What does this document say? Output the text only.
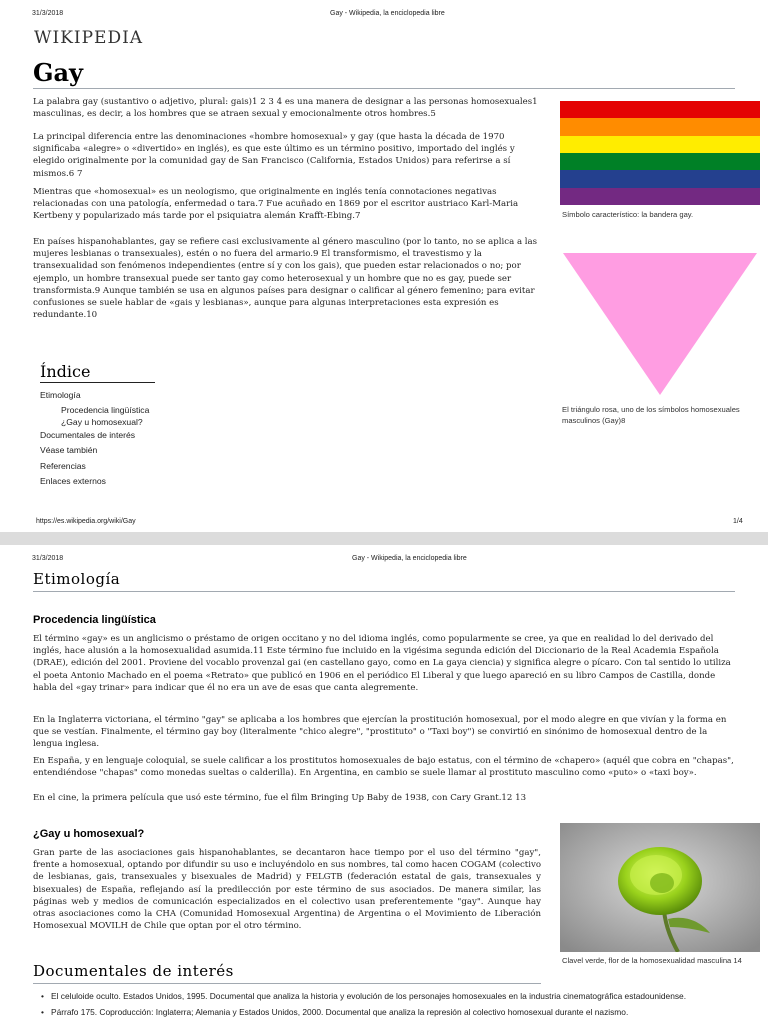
31/3/2018	Gay - Wikipedia, la enciclopedia libre
WIKIPEDIA
Gay

La palabra gay (sustantivo o adjetivo, plural: gais)1 2 3 4 es una manera de designar a las personas homosexuales1 masculinas, es decir, a los hombres que se atraen sexual y emocionalmente otros hombres.5

La principal diferencia entre las denominaciones «hombre homosexual» y gay (que hasta la década de 1970 significaba «alegre» o «divertido» en inglés), es que este último es un término positivo, importado del inglés y elegido originalmente por la comunidad gay de San Francisco (California, Estados Unidos) para referirse a sí mismos.6 7

Mientras que «homosexual» es un neologismo, que originalmente en inglés tenía connotaciones negativas relacionadas con una patología, enfermedad o tara.7 Fue acuñado en 1869 por el escritor austriaco Karl-Maria Kertbeny y popularizado más tarde por el psiquiatra alemán Krafft-Ebing.7

En países hispanohablantes, gay se refiere casi exclusivamente al género masculino (por lo tanto, no se aplica a las mujeres lesbianas o transexuales), estén o no fuera del armario.9 El transformismo, el travestismo y la transexualidad son fenómenos independientes (entre sí y con los gais), que pueden estar relacionados o no; por ejemplo, un hombre transexual puede ser tanto gay como heterosexual y un hombre que no es gay, puede ser transformista.9 Aunque también se usa en algunos países para designar o calificar al género femenino; para evitar confusiones se suele hablar de «gais y lesbianas», aunque para algunas interpretaciones esta expresión es redundante.10

Símbolo característico: la bandera gay.

El triángulo rosa, uno de los símbolos homosexuales masculinos (Gay)8

Índice
Etimología
Procedencia lingüística
¿Gay u homosexual?
Documentales de interés
Véase también
Referencias
Enlaces externos
https://es.wikipedia.org/wiki/Gay	1/4
31/3/2018	Gay - Wikipedia, la enciclopedia libre
Etimología
Procedencia lingüística

El término «gay» es un anglicismo o préstamo de origen occitano y no del idioma inglés, como popularmente se cree, ya que en realidad lo del derivado del inglés, hace alusión a la homosexualidad asumida.11 Este término fue incluido en la vigésima segunda edición del Diccionario de la Real Academia Española (DRAE), edición del 2001. Proviene del vocablo provenzal gai (en castellano gayo, como en La gaya ciencia) y significa alegre o pícaro. Con tal sentido lo utiliza el poeta Antonio Machado en el poema «Retrato» que publicó en 1906 en el periódico El Liberal y que luego apareció en su libro Campos de Castilla, donde habla del «gay trinar» para indicar que él no era un ave de esas que canta alegremente.

En la Inglaterra victoriana, el término "gay" se aplicaba a los hombres que ejercían la prostitución homosexual, por el modo alegre en que vivían y la forma en que se vestían. Finalmente, el término gay boy (literalmente "chico alegre", "prostituto" o "Taxi boy") se convirtió en sinónimo de homosexual dentro de la lengua inglesa.

En España, y en lenguaje coloquial, se suele calificar a los prostitutos homosexuales de bajo estatus, con el término de «chapero» (aquél que cobra en "chapas", entendiéndose "chapas" como monedas sueltas o calderilla). En Argentina, en cambio se suele llamar al prostituto masculino como «puto» o «taxi boy».

En el cine, la primera película que usó este término, fue el film Bringing Up Baby de 1938, con Cary Grant.12 13

¿Gay u homosexual?

Gran parte de las asociaciones gais hispanohablantes, se decantaron hace tiempo por el uso del término "gay", frente a homosexual, optando por difundir su uso e incluyéndolo en sus nombres, tal como hacen COGAM (colectivo de lesbianas, gais, transexuales y bisexuales de Madrid) y FELGTB (federación estatal de gais, transexuales y bisexuales) de España, reflejando así la predilección por este término de sus asociados. De manera similar, las páginas web y medios de comunicación especializados en el colectivo usan preferentemente "gay". Aunque hay otras asociaciones como la CHA (Comunidad Homosexual Argentina) de Argentina o el Movimiento de Liberación Homosexual MOVILH de Chile que optan por el otro término.

Clavel verde, flor de la homosexualidad masculina 14

Documentales de interés
• El celuloide oculto. Estados Unidos, 1995. Documental que analiza la historia y evolución de los personajes homosexuales en la industria cinematográfica estadounidense.
• Párrafo 175. Coproducción: Inglaterra; Alemania y Estados Unidos, 2000. Documental que analiza la represión al colectivo homosexual durante el nazismo.
